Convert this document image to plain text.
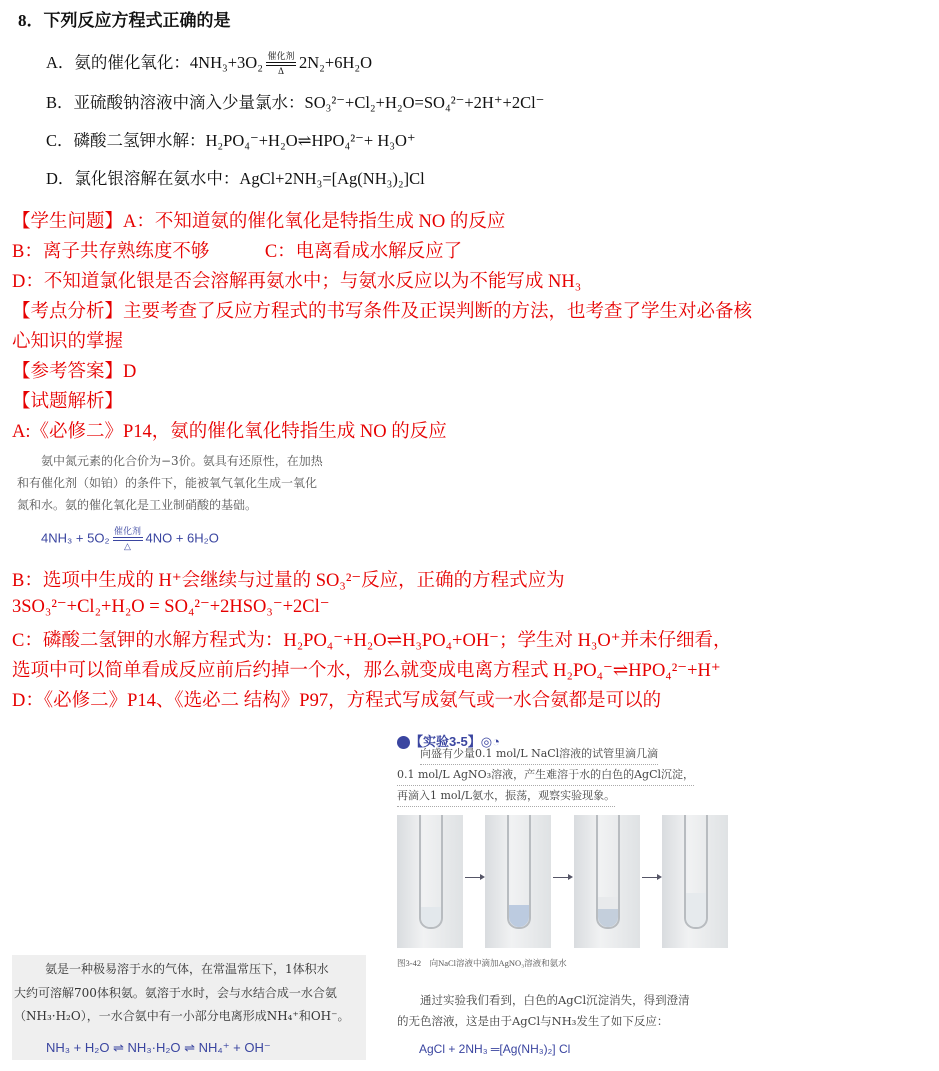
8．下列反应方程式正确的是
A．氨的催化氧化：4NH₃+3O₂ 催化剂
Δ 2N₂+6H₂O
B．亚硫酸钠溶液中滴入少量氯水：SO₃²⁻+Cl₂+H₂O=SO₄²⁻+2H⁺+2Cl⁻
C．磷酸二氢钾水解：H₂PO₄⁻+H₂O⇌HPO₄²⁻+ H₃O⁺
D．氯化银溶解在氨水中：AgCl+2NH₃=[Ag(NH₃)₂]Cl
【学生问题】A：不知道氨的催化氧化是特指生成 NO 的反应
B：离子共存熟练度不够　　　C：电离看成水解反应了
D：不知道氯化银是否会溶解再氨水中；与氨水反应以为不能写成 NH₃
【考点分析】主要考查了反应方程式的书写条件及正误判断的方法，也考查了学生对必备核
心知识的掌握
【参考答案】D
【试题解析】
A:《必修二》P14，氨的催化氧化特指生成 NO 的反应
氨中氮元素的化合价为−3价。氨具有还原性，在加热
和有催化剂（如铂）的条件下，能被氧气氧化生成一氧化
氮和水。氨的催化氧化是工业制硝酸的基础。
4NH₃ + 5O₂ 催化剂
△
4NO + 6H₂O
B：选项中生成的 H⁺会继续与过量的 SO₃²⁻反应，正确的方程式应为
3SO₃²⁻+Cl₂+H₂O = SO₄²⁻+2HSO₃⁻+2Cl⁻
C：磷酸二氢钾的水解方程式为：H₂PO₄⁻+H₂O⇌H₃PO₄+OH⁻；学生对 H₃O⁺并未仔细看，
选项中可以简单看成反应前后约掉一个水，那么就变成电离方程式 H₂PO₄⁻⇌HPO₄²⁻+H⁺
D：《必修二》P14、《选必二 结构》P97，方程式写成氨气或一水合氨都是可以的
【实验3-5】◎◔
向盛有少量0.1 mol/L NaCl溶液的试管里滴几滴
0.1 mol/L AgNO₃溶液，产生难溶于水的白色的AgCl沉淀，
再滴入1 mol/L氨水，振荡，观察实验现象。
图3-42　向NaCl溶液中滴加AgNO₃溶液和氨水
通过实验我们看到，白色的AgCl沉淀消失，得到澄清
的无色溶液，这是由于AgCl与NH₃发生了如下反应：
AgCl + 2NH₃ ═[Ag(NH₃)₂] Cl
氨是一种极易溶于水的气体，在常温常压下，1体积水
大约可溶解700体积氨。氨溶于水时，会与水结合成一水合氨
（NH₃·H₂O），一水合氨中有一小部分电离形成NH₄⁺和OH⁻。
NH₃ + H₂O ⇌ NH₃·H₂O ⇌ NH₄⁺ + OH⁻
